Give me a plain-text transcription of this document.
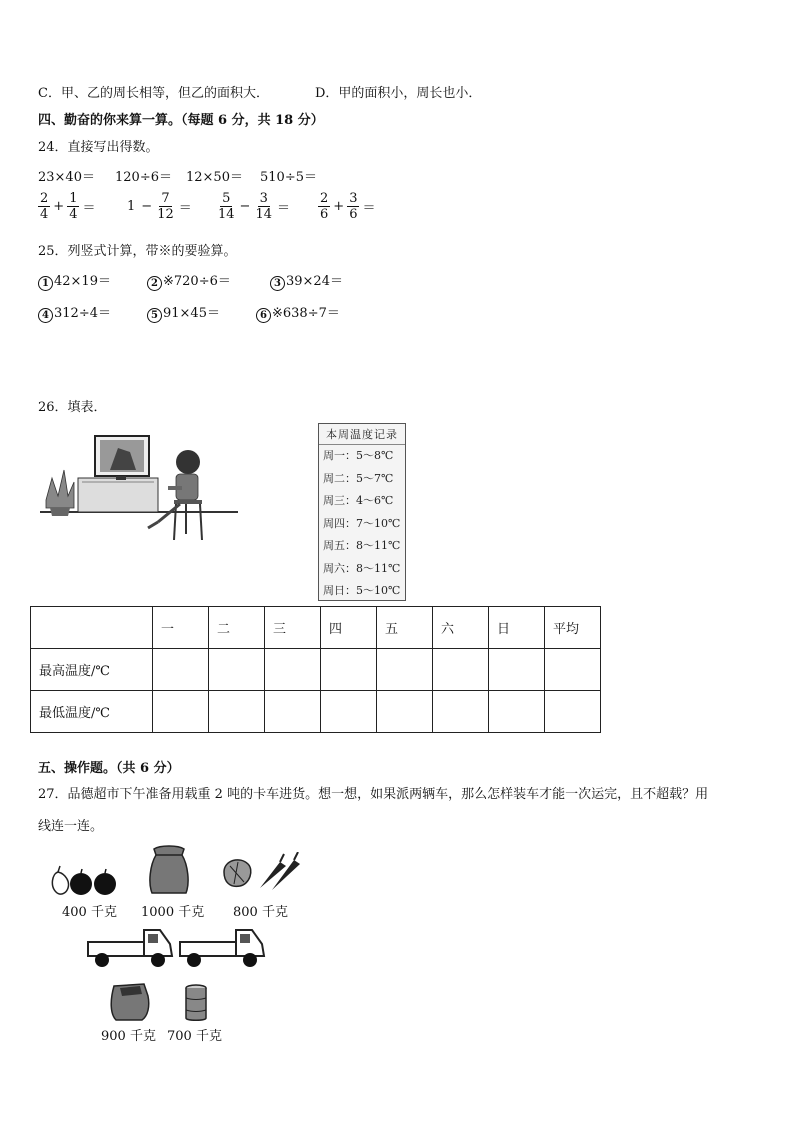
C．甲、乙的周长相等，但乙的面积大．	D．甲的面积小，周长也小．
四、勤奋的你来算一算。（每题 6 分，共 18 分）
24．直接写出得数。
23×40＝ 120÷6＝ 12×50＝ 510÷5＝
$\frac{2}{4} + \frac{1}{4} = 1 - \frac{7}{12} = \frac{5}{14} - \frac{3}{14} = \frac{2}{6} + \frac{3}{6}$ ＝
25．列竖式计算，带※的要验算。
1 42×19＝	2 ※720÷6＝	3 39×24＝
4 312÷4＝	5 91×45＝	6 ※638÷7＝
26．填表．
本周温度记录
周一：5～8℃
周二：5～7℃
周三：4～6℃
周四：7～10℃
周五：8～11℃
周六：8～11℃
周日：5～10℃
	一	二	三	四	五	六	日	平均
最高温度/℃								
最低温度/℃								
五、操作题。（共 6 分）
27．品德超市下午准备用载重 2 吨的卡车进货。想一想，如果派两辆车，那么怎样装车才能一次运完，且不超载？用
线连一连。
400 千克 1000 千克 800 千克
900 千克 700 千克
